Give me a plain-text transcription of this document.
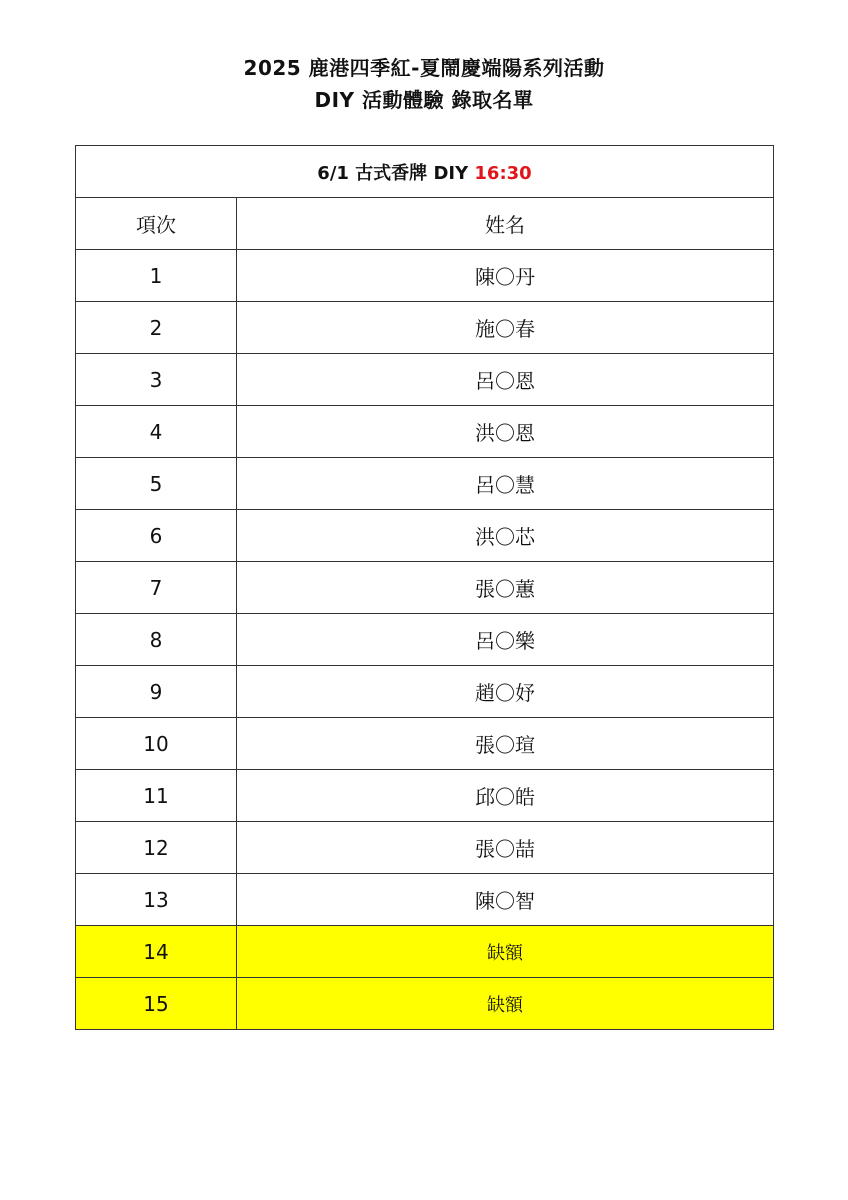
2025 鹿港四季紅-夏鬧慶端陽系列活動
DIY 活動體驗 錄取名單
6/1 古式香牌 DIY 16:30	
項次	姓名
1	陳〇丹
2	施〇春
3	呂〇恩
4	洪〇恩
5	呂〇慧
6	洪〇芯
7	張〇蕙
8	呂〇樂
9	趙〇妤
10	張〇瑄
11	邱〇皓
12	張〇喆
13	陳〇智
14	缺額
15	缺額
